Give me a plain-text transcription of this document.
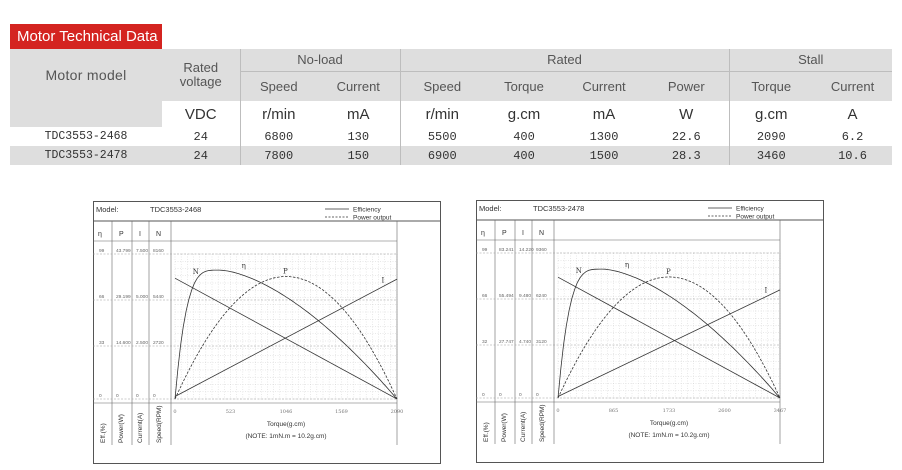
Motor Technical Data
Motor model	Rated voltage	No-load		Rated				Stall	
		Speed	Current	Speed	Torque	Current	Power	Torque	Current
	VDC	r/min	mA	r/min	g.cm	mA	W	g.cm	A
TDC3553-2468	24	6800	130	5500	400	1300	22.6	2090	6.2
TDC3553-2478	24	7800	150	6900	400	1500	28.3	3460	10.6
Model:	TDC3553-2468	Efficiency
Power output
η P I N
99 43.799 7.500 8160
66 29.199 5.000 5440
33 14.600 2.500 2720
0	0	0	0
Eff.(%) Power(W) Current(A) Speed(RPM) 0	523	1046	1569	2090
Torque(g.cm)
(NOTE: 1mN.m = 10.2g.cm)
N
η
P
I
Model:	TDC3553-2478	Efficiency
Power output
η P I N
99 83.241 14.220 9360
66 55.494 9.480 6240
32 27.747 4.740 3120
0	0	0	0
Eff.(%) Power(W) Current(A) Speed(RPM) 0	865	1733	2600	3467
Torque(g.cm)
(NOTE: 1mN.m = 10.2g.cm)
N
η
P
I
